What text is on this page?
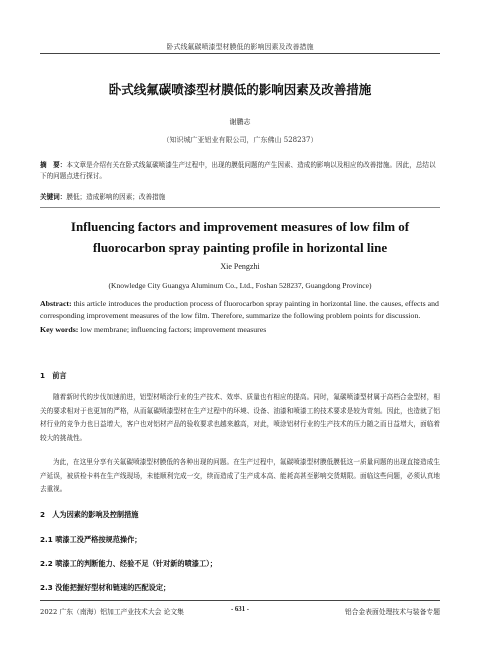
卧式线氟碳喷漆型材膜低的影响因素及改善措施
卧式线氟碳喷漆型材膜低的影响因素及改善措施
谢鹏志
（知识城广亚铝业有限公司，广东佛山 528237）
摘　要：本文章是介绍有关在卧式线氟碳喷漆生产过程中，出现的膜低问题的产生因素、造成的影响以及相应的改善措施。因此，总结以下的问题点进行探讨。
关键词：膜低；造成影响的因素；改善措施
Influencing factors and improvement measures of low film of fluorocarbon spray painting profile in horizontal line
Xie Pengzhi
(Knowledge City Guangya Aluminum Co., Ltd., Foshan 528237, Guangdong Province)
Abstract: this article introduces the production process of fluorocarbon spray painting in horizontal line. the causes, effects and corresponding improvement measures of the low film. Therefore, summarize the following problem points for discussion.
Key words: low membrane; influencing factors; improvement measures
1　前言
随着新时代的步伐加速前进，铝型材喷涂行业的生产技术、效率、质量也有相应的提高。同时，氟碳喷漆型材属于高档合金型材，相关的要求相对于也更加的严格，从而氟碳喷漆型材在生产过程中的环境、设备、油漆和喷漆工的技术要求是较为苛刻。因此，也造就了铝材行业的竞争力也日益增大，客户也对铝材产品的验收要求也越来越高，对此，喷涂铝材行业的生产技术的压力随之而日益增大，面临着较大的挑战性。
为此，在这里分享有关氟碳喷漆型材膜低的各种出现的问题。在生产过程中，氟碳喷漆型材膜低膜低这一质量问题的出现直接造成生产延误，被质检卡料在生产线现场，未能顺利完成一交，续而造成了生产成本高、能耗高甚至影响交货期限。面临这些问题，必须认真地去重视。
2　人为因素的影响及控制措施
2.1 喷漆工没严格按规范操作；
2.2 喷漆工的判断能力、经验不足（针对新的喷漆工）；
2.3 没能把握好型材和链速的匹配设定；
2022 广东（南海）铝加工产业技术大会 论文集	- 631 -	铝合金表面处理技术与装备专题
